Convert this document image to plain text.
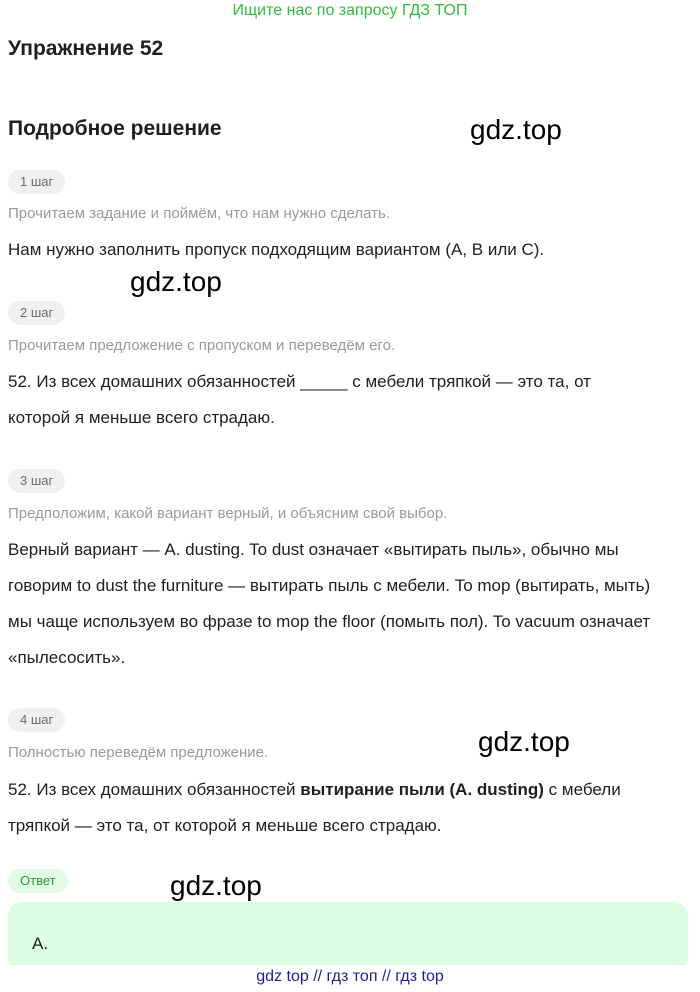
Ищите нас по запросу ГДЗ ТОП
Упражнение 52
Подробное решение	gdz.top
gdz.top
gdz.top
gdz.top
1 шаг
Прочитаем задание и поймём, что нам нужно сделать.
Нам нужно заполнить пропуск подходящим вариантом (A, B или C).
2 шаг
Прочитаем предложение с пропуском и переведём его.
52. Из всех домашних обязанностей _____ с мебели тряпкой — это та, от которой я меньше всего страдаю.
3 шаг
Предположим, какой вариант верный, и объясним свой выбор.
Верный вариант — A. dusting. To dust означает «вытирать пыль», обычно мы говорим to dust the furniture — вытирать пыль с мебели. To mop (вытирать, мыть) мы чаще используем во фразе to mop the floor (помыть пол). To vacuum означает «пылесосить».
4 шаг
Полностью переведём предложение.
52. Из всех домашних обязанностей вытирание пыли (A. dusting) с мебели тряпкой — это та, от которой я меньше всего страдаю.
Ответ
A.
gdz top // гдз топ // гдз top
